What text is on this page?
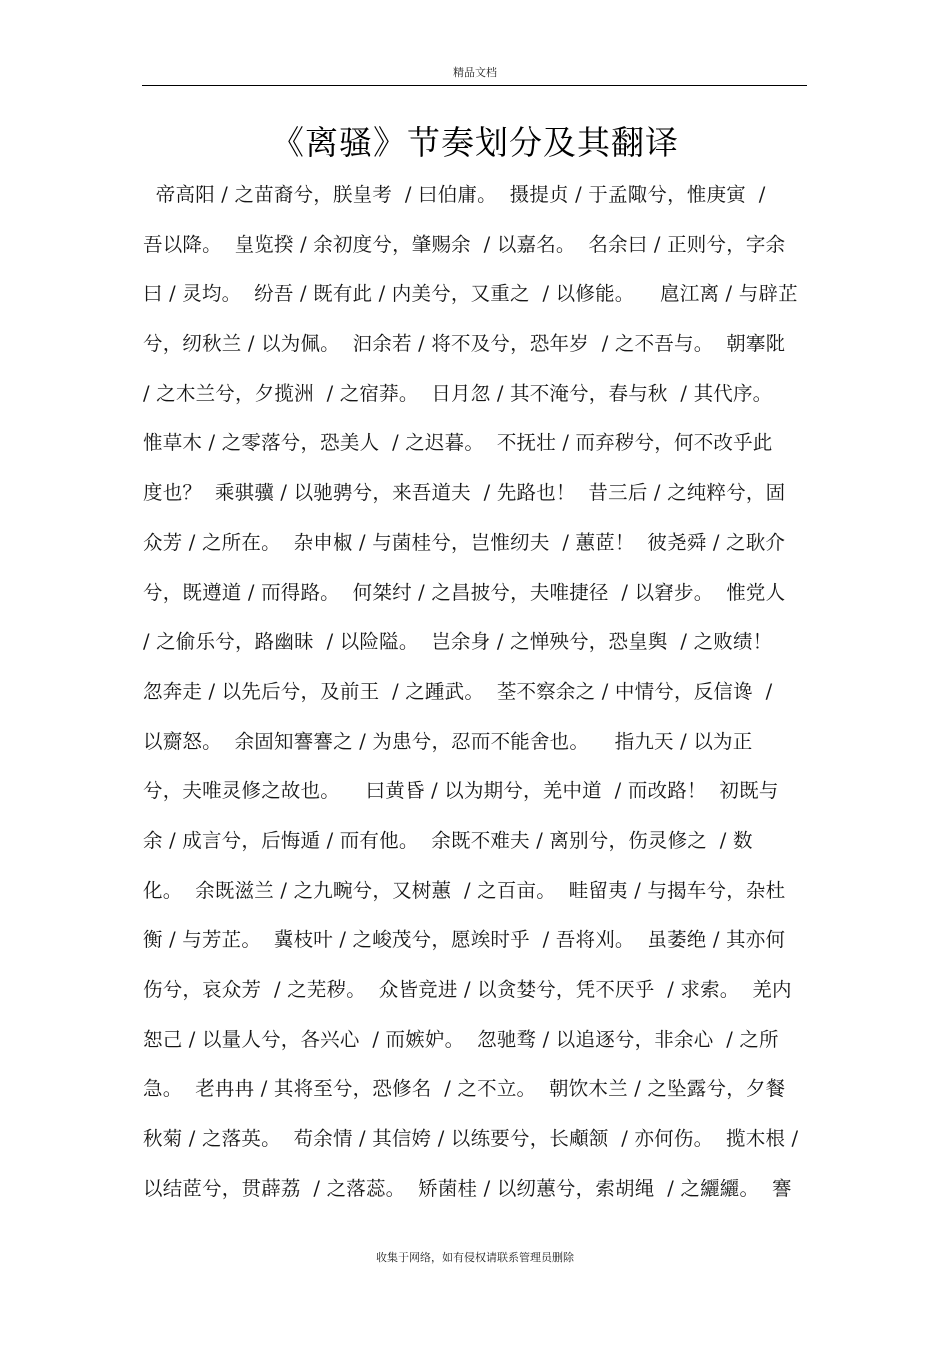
精品文档
《离骚》节奏划分及其翻译
帝高阳 / 之苗裔兮，朕皇考  / 曰伯庸。  摄提贞 / 于孟陬兮，惟庚寅  /
吾以降。  皇览揆 / 余初度兮，肇赐余  / 以嘉名。  名余曰 / 正则兮，字余
曰 / 灵均。  纷吾 / 既有此 / 内美兮，又重之  / 以修能。    扈江离 / 与辟芷
兮，纫秋兰 / 以为佩。  汩余若 / 将不及兮，恐年岁  / 之不吾与。  朝搴阰
/ 之木兰兮，夕揽洲  / 之宿莽。  日月忽 / 其不淹兮，春与秋  / 其代序。
惟草木 / 之零落兮，恐美人  / 之迟暮。  不抚壮 / 而弃秽兮，何不改乎此
度也？  乘骐骥 / 以驰骋兮，来吾道夫  / 先路也！  昔三后 / 之纯粹兮，固
众芳 / 之所在。  杂申椒 / 与菌桂兮，岂惟纫夫  / 蕙茝！  彼尧舜 / 之耿介
兮，既遵道 / 而得路。  何桀纣 / 之昌披兮，夫唯捷径  / 以窘步。  惟党人
/ 之偷乐兮，路幽昧  / 以险隘。  岂余身 / 之惮殃兮，恐皇舆  / 之败绩！
忽奔走 / 以先后兮，及前王  / 之踵武。  荃不察余之 / 中情兮，反信谗  /
以齌怒。  余固知謇謇之 / 为患兮，忍而不能舍也。    指九天 / 以为正
兮，夫唯灵修之故也。    曰黄昏 / 以为期兮，羌中道  / 而改路！  初既与
余 / 成言兮，后悔遁 / 而有他。  余既不难夫 / 离别兮，伤灵修之  / 数
化。  余既滋兰 / 之九畹兮，又树蕙  / 之百亩。  畦留夷 / 与揭车兮，杂杜
衡 / 与芳芷。  冀枝叶 / 之峻茂兮，愿竢时乎  / 吾将刈。  虽萎绝 / 其亦何
伤兮，哀众芳  / 之芜秽。  众皆竞进 / 以贪婪兮，凭不厌乎  / 求索。  羌内
恕己 / 以量人兮，各兴心  / 而嫉妒。  忽驰骛 / 以追逐兮，非余心  / 之所
急。  老冉冉 / 其将至兮，恐修名  / 之不立。  朝饮木兰 / 之坠露兮，夕餐
秋菊 / 之落英。  苟余情 / 其信姱 / 以练要兮，长顑颔  / 亦何伤。  揽木根 /
以结茝兮，贯薜荔  / 之落蕊。  矫菌桂 / 以纫蕙兮，索胡绳  / 之纚纚。  謇
收集于网络，如有侵权请联系管理员删除
